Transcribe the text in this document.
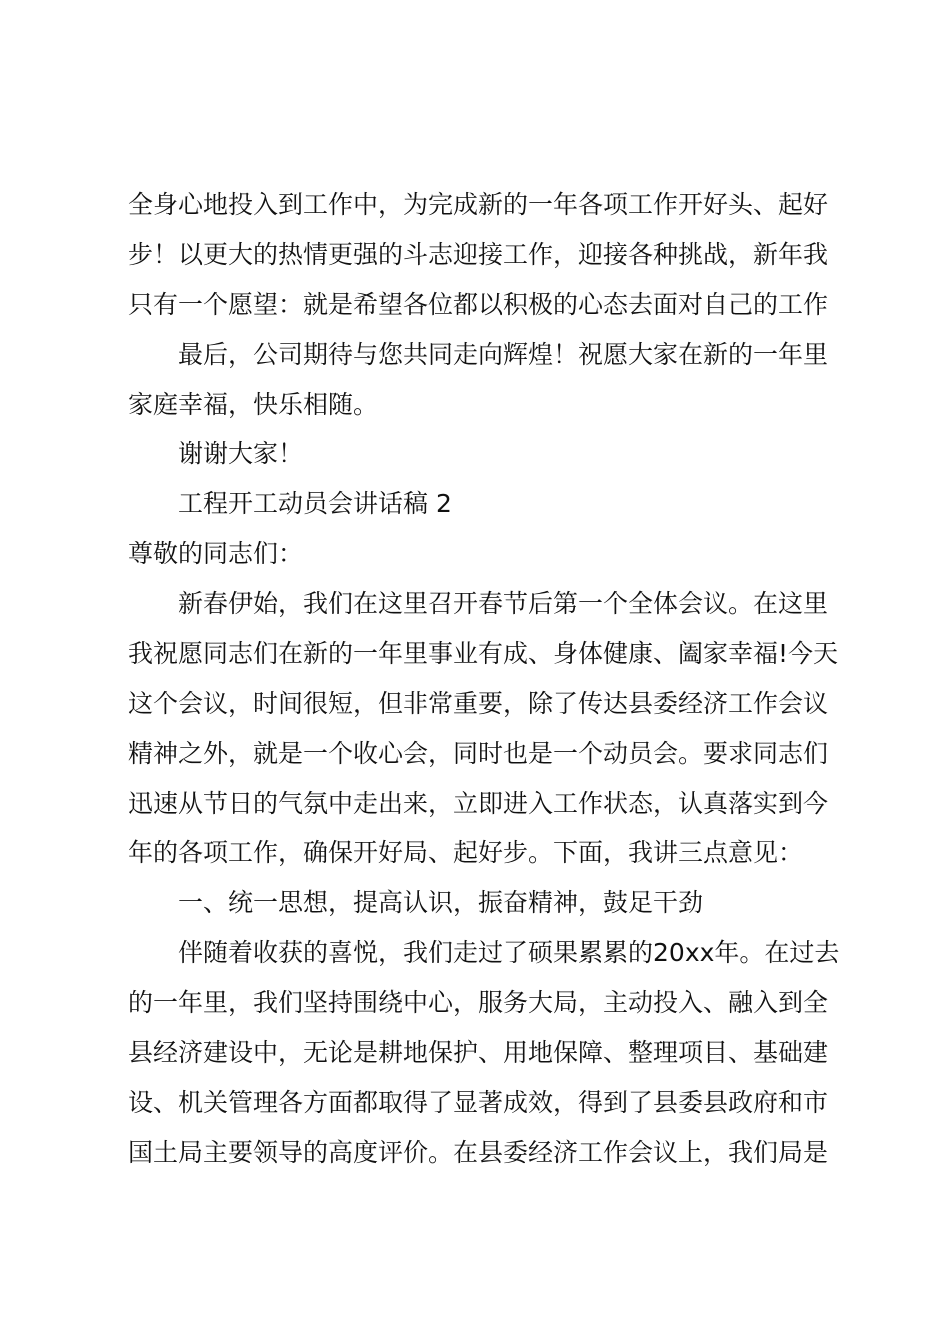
全身心地投入到工作中，为完成新的一年各项工作开好头、起好
步！以更大的热情更强的斗志迎接工作，迎接各种挑战，新年我
只有一个愿望：就是希望各位都以积极的心态去面对自己的工作
最后，公司期待与您共同走向辉煌！祝愿大家在新的一年里
家庭幸福，快乐相随。
谢谢大家！
工程开工动员会讲话稿 2
尊敬的同志们：
新春伊始，我们在这里召开春节后第一个全体会议。在这里
我祝愿同志们在新的一年里事业有成、身体健康、阖家幸福!今天
这个会议，时间很短，但非常重要，除了传达县委经济工作会议
精神之外，就是一个收心会，同时也是一个动员会。要求同志们
迅速从节日的气氛中走出来，立即进入工作状态，认真落实到今
年的各项工作，确保开好局、起好步。下面，我讲三点意见：
一、统一思想，提高认识，振奋精神，鼓足干劲
伴随着收获的喜悦，我们走过了硕果累累的20xx年。在过去
的一年里，我们坚持围绕中心，服务大局，主动投入、融入到全
县经济建设中，无论是耕地保护、用地保障、整理项目、基础建
设、机关管理各方面都取得了显著成效，得到了县委县政府和市
国土局主要领导的高度评价。在县委经济工作会议上，我们局是
